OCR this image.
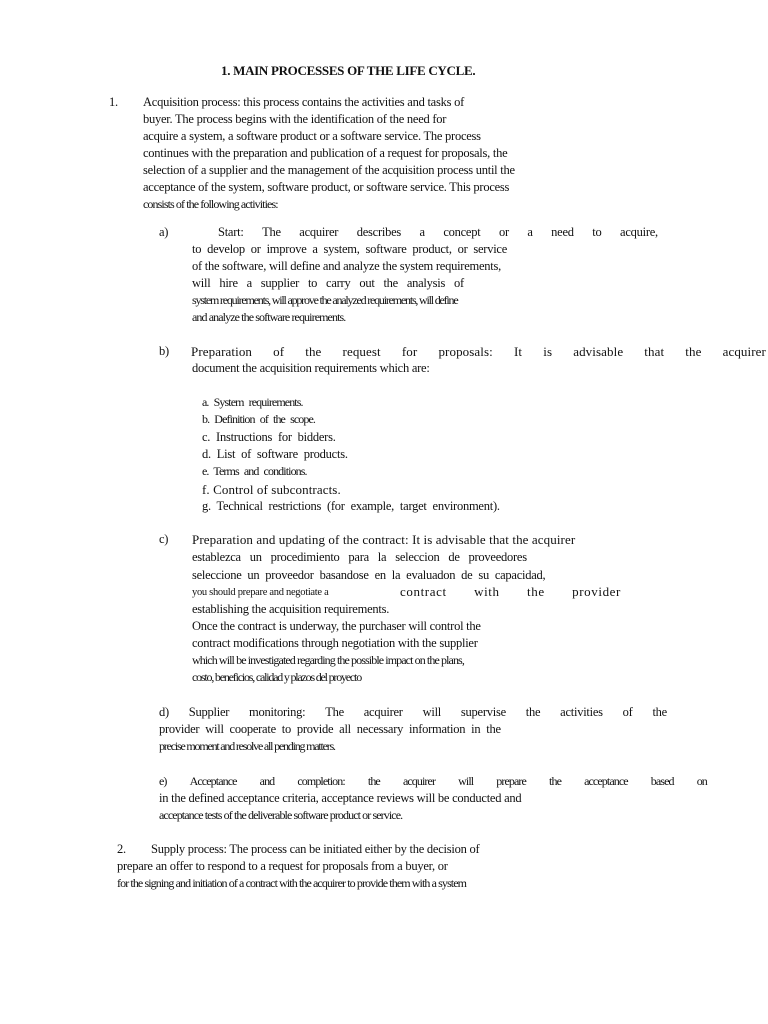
1. MAIN PROCESSES OF THE LIFE CYCLE.

1. Acquisition process: this process contains the activities and tasks of

buyer. The process begins with the identification of the need for

acquire a system, a software product or a software service. The process

continues with the preparation and publication of a request for proposals, the

selection of a supplier and the management of the acquisition process until the

acceptance of the system, software product, or software service. This process

consists of the following activities:

a)	Start: The acquirer describes a concept or a need to acquire,

to develop or improve a system, software product, or service

of the software, will define and analyze the system requirements,

will hire a supplier to carry out the analysis of

system requirements, will approve the analyzed requirements, will define

and analyze the software requirements.

b) Preparation of the request for proposals: It is advisable that the acquirer

document the acquisition requirements which are:

a. System requirements.

b. Definition of the scope.

c. Instructions for bidders.

d. List of software products.

e. Terms and conditions.

f. Control of subcontracts.

g. Technical restrictions (for example, target environment).

c) Preparation and updating of the contract: It is advisable that the acquirer

establezca un procedimiento para la seleccion de proveedores

seleccione un proveedor basandose en la evaluadon de su capacidad,

you should prepare and negotiate a	contract with the provider

establishing the acquisition requirements.

Once the contract is underway, the purchaser will control the

contract modifications through negotiation with the supplier

which will be investigated regarding the possible impact on the plans,

costo, beneficios, calidad y plazos del proyecto

d) Supplier monitoring: The acquirer will supervise the activities of the

provider will cooperate to provide all necessary information in the

precise moment and resolve all pending matters.

e) Acceptance and completion: the acquirer will prepare the acceptance based on

in the defined acceptance criteria, acceptance reviews will be conducted and

acceptance tests of the deliverable software product or service.

2. Supply process: The process can be initiated either by the decision of

prepare an offer to respond to a request for proposals from a buyer, or

for the signing and initiation of a contract with the acquirer to provide them with a system
